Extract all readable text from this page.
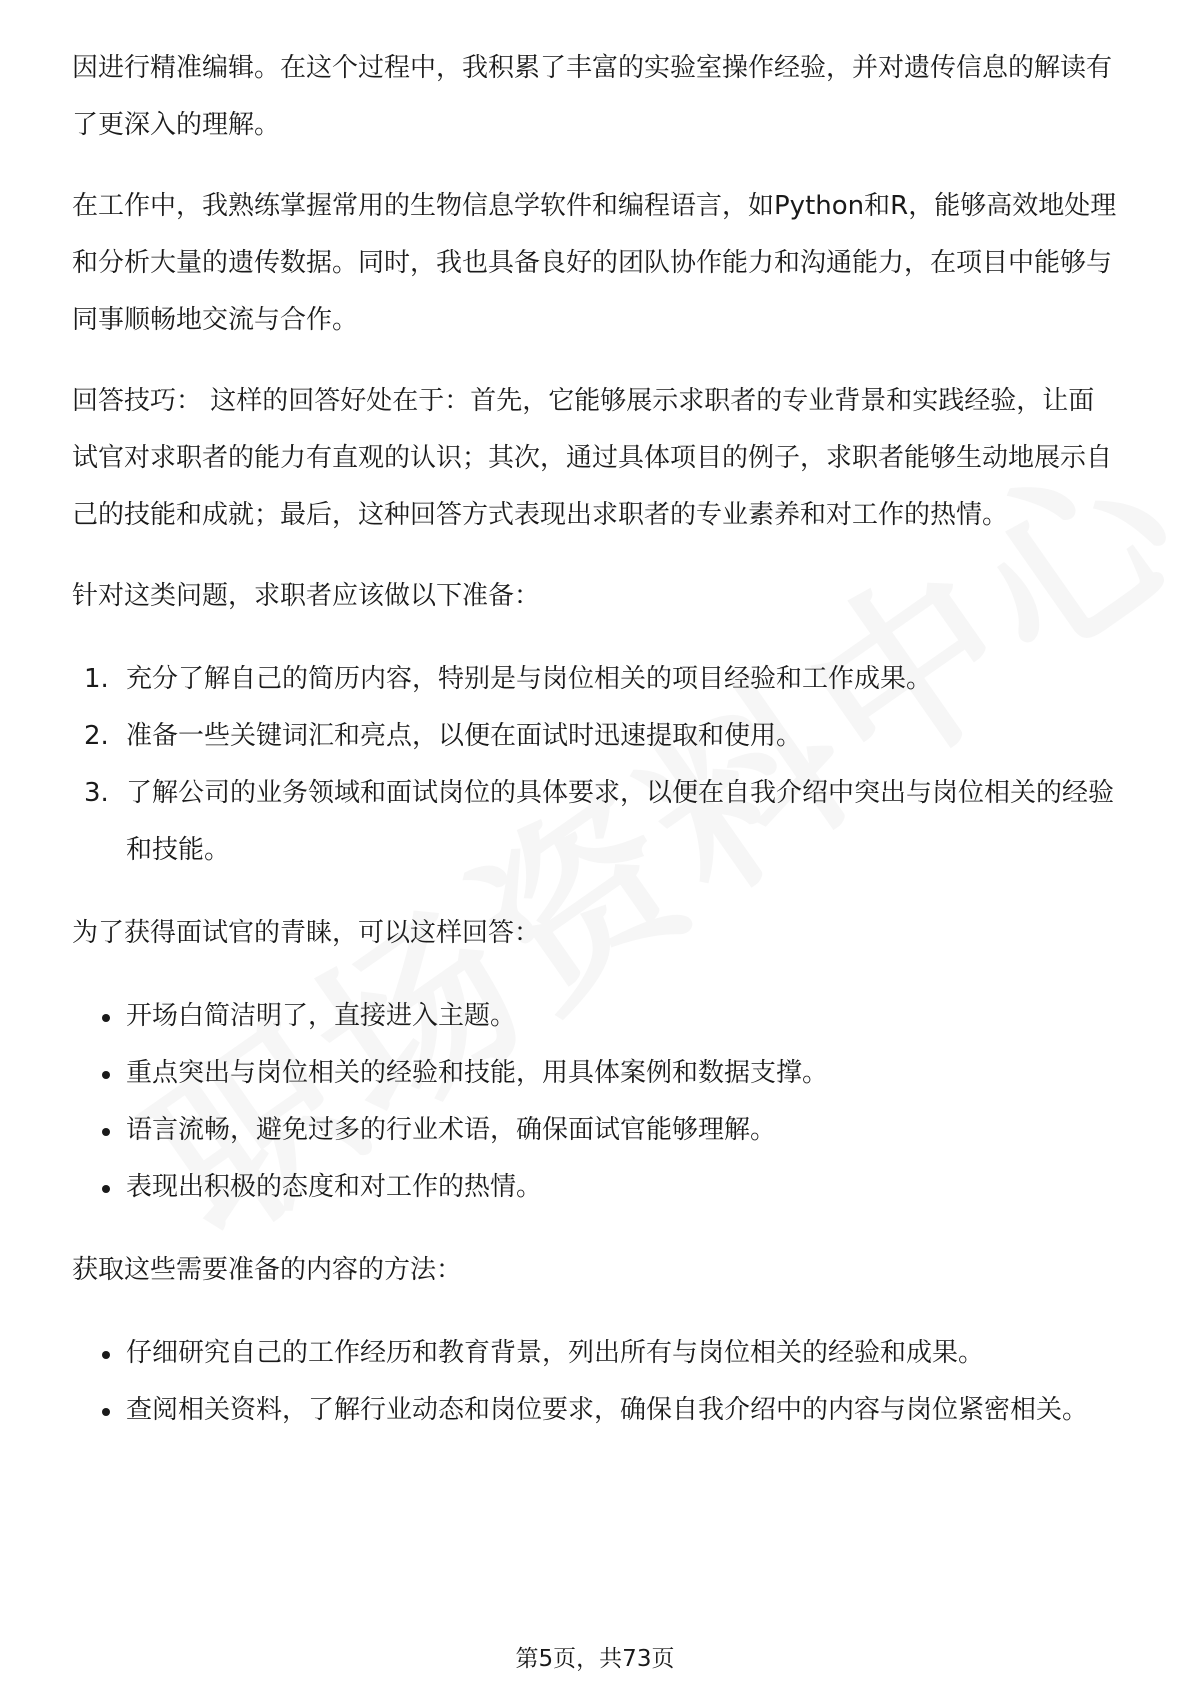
因进行精准编辑。在这个过程中，我积累了丰富的实验室操作经验，并对遗传信息的解读有了更深入的理解。

在工作中，我熟练掌握常用的生物信息学软件和编程语言，如Python和R，能够高效地处理和分析大量的遗传数据。同时，我也具备良好的团队协作能力和沟通能力，在项目中能够与同事顺畅地交流与合作。

回答技巧： 这样的回答好处在于：首先，它能够展示求职者的专业背景和实践经验，让面试官对求职者的能力有直观的认识；其次，通过具体项目的例子，求职者能够生动地展示自己的技能和成就；最后，这种回答方式表现出求职者的专业素养和对工作的热情。

针对这类问题，求职者应该做以下准备：

1. 充分了解自己的简历内容，特别是与岗位相关的项目经验和工作成果。
2. 准备一些关键词汇和亮点，以便在面试时迅速提取和使用。
3. 了解公司的业务领域和面试岗位的具体要求，以便在自我介绍中突出与岗位相关的经验和技能。

为了获得面试官的青睐，可以这样回答：

开场白简洁明了，直接进入主题。
重点突出与岗位相关的经验和技能，用具体案例和数据支撑。
语言流畅，避免过多的行业术语，确保面试官能够理解。
表现出积极的态度和对工作的热情。

获取这些需要准备的内容的方法：

仔细研究自己的工作经历和教育背景，列出所有与岗位相关的经验和成果。
查阅相关资料，了解行业动态和岗位要求，确保自我介绍中的内容与岗位紧密相关。
第5页，共73页
